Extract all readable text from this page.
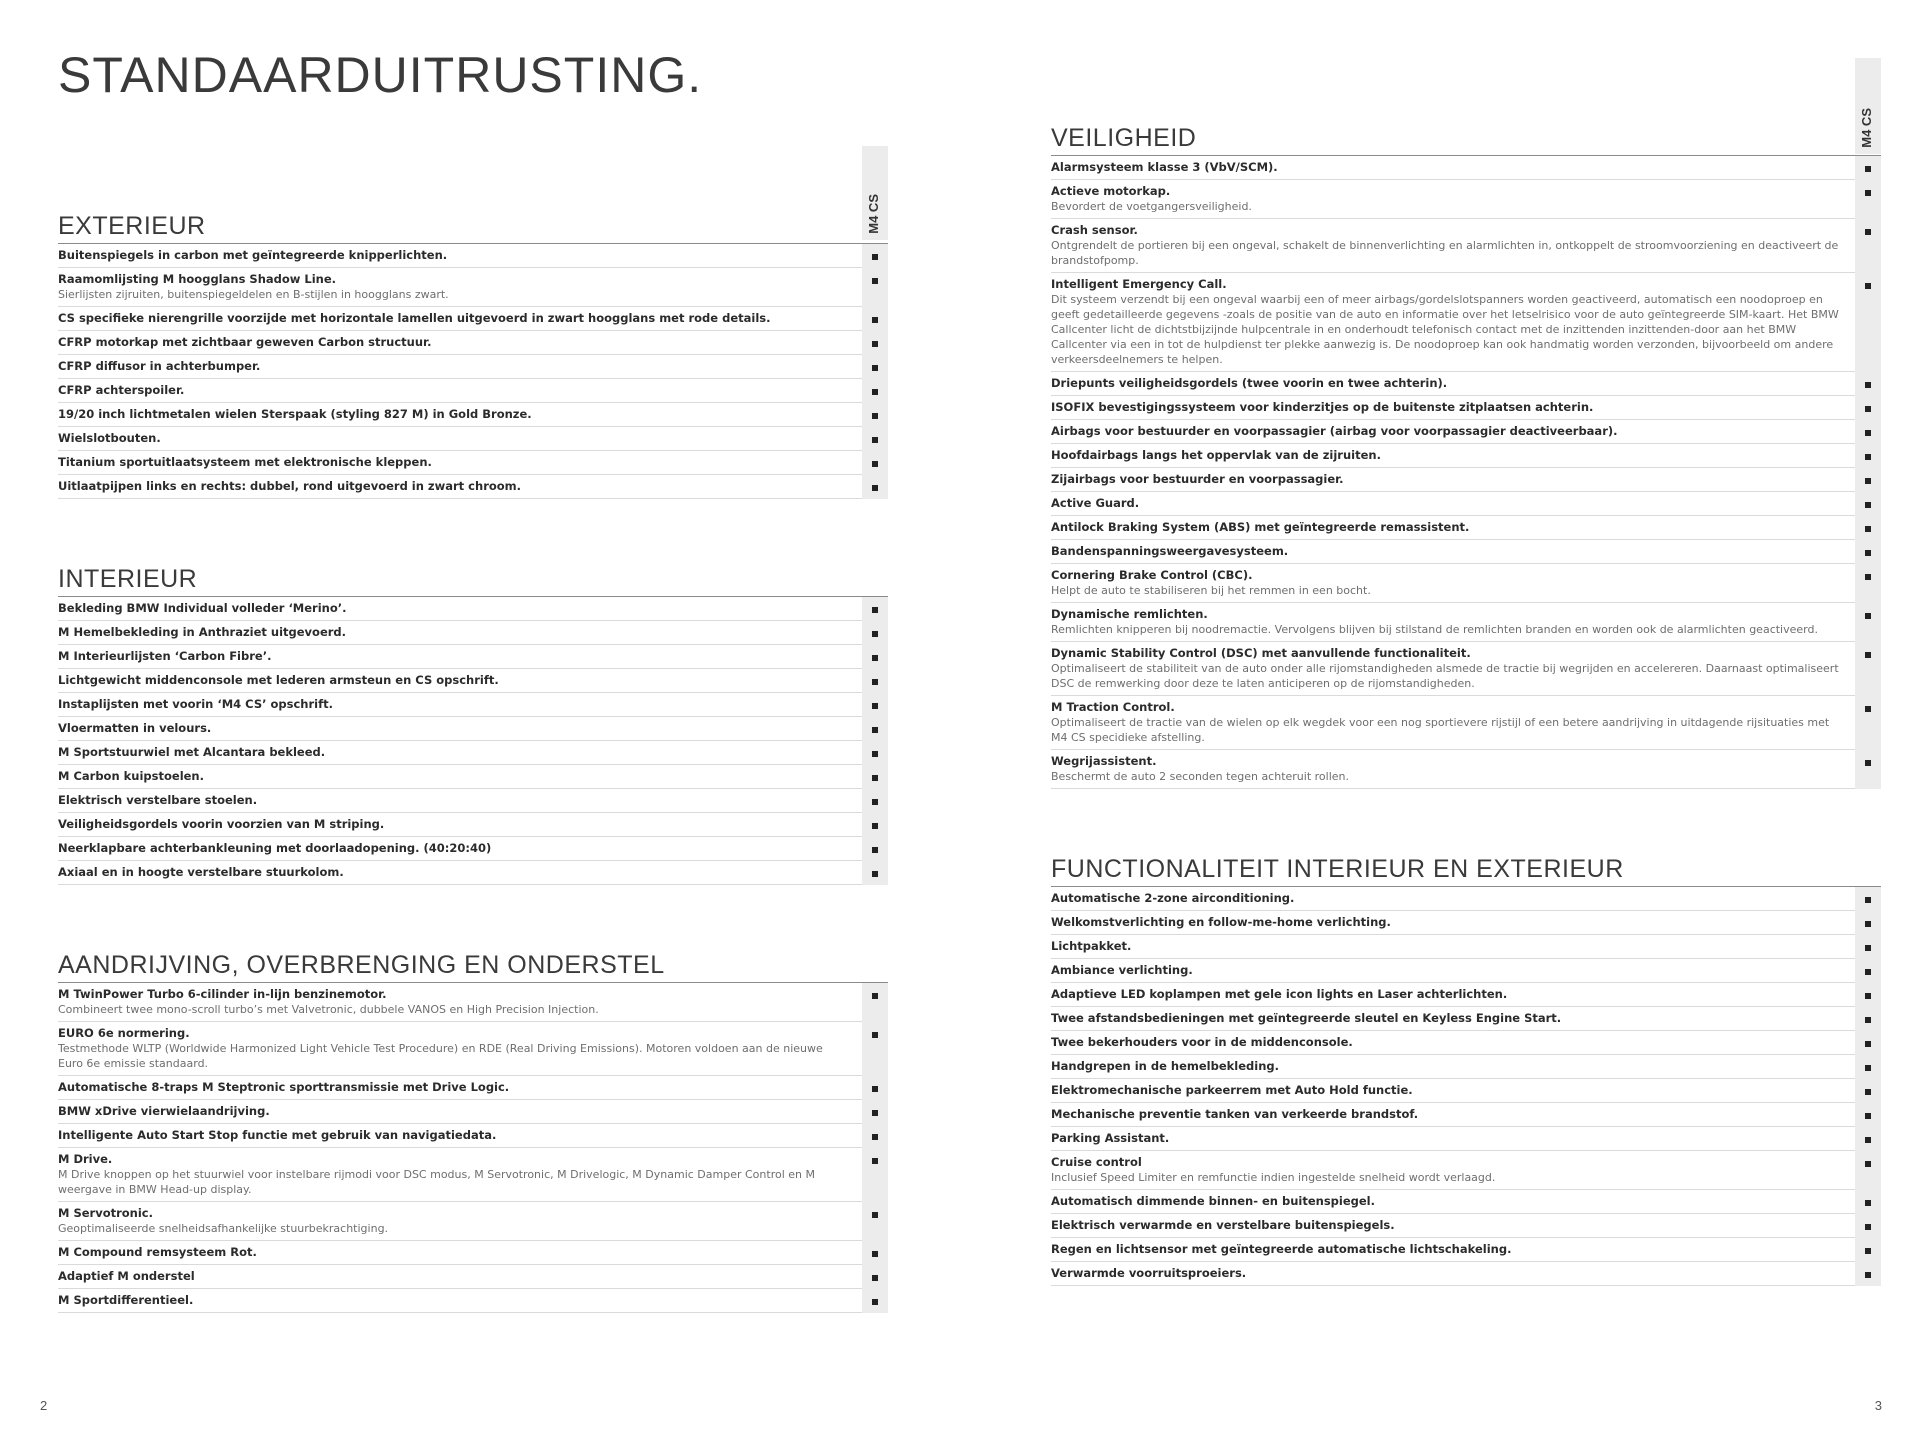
STANDAARDUITRUSTING.
M4 CS
EXTERIEUR
Buitenspiegels in carbon met geïntegreerde knipperlichten.
Raamomlijsting M hoogglans Shadow Line.
Sierlijsten zijruiten, buitenspiegeldelen en B-stijlen in hoogglans zwart.
CS specifieke nierengrille voorzijde met horizontale lamellen uitgevoerd in zwart hoogglans met rode details.
CFRP motorkap met zichtbaar geweven Carbon structuur.
CFRP diffusor in achterbumper.
CFRP achterspoiler.
19/20 inch lichtmetalen wielen Sterspaak (styling 827 M) in Gold Bronze.
Wielslotbouten.
Titanium sportuitlaatsysteem met elektronische kleppen.
Uitlaatpijpen links en rechts: dubbel, rond uitgevoerd in zwart chroom.
INTERIEUR
Bekleding BMW Individual volleder ‘Merino’.
M Hemelbekleding in Anthraziet uitgevoerd.
M Interieurlijsten ‘Carbon Fibre’.
Lichtgewicht middenconsole met lederen armsteun en CS opschrift.
Instaplijsten met voorin ‘M4 CS’ opschrift.
Vloermatten in velours.
M Sportstuurwiel met Alcantara bekleed.
M Carbon kuipstoelen.
Elektrisch verstelbare stoelen.
Veiligheidsgordels voorin voorzien van M striping.
Neerklapbare achterbankleuning met doorlaadopening. (40:20:40)
Axiaal en in hoogte verstelbare stuurkolom.
AANDRIJVING, OVERBRENGING EN ONDERSTEL
M TwinPower Turbo 6-cilinder in-lijn benzinemotor.
Combineert twee mono-scroll turbo’s met Valvetronic, dubbele VANOS en High Precision Injection.
EURO 6e normering.
Testmethode WLTP (Worldwide Harmonized Light Vehicle Test Procedure) en RDE (Real Driving Emissions). Motoren voldoen aan de nieuwe Euro 6e emissie standaard.
Automatische 8-traps M Steptronic sporttransmissie met Drive Logic.
BMW xDrive vierwielaandrijving.
Intelligente Auto Start Stop functie met gebruik van navigatiedata.
M Drive.
M Drive knoppen op het stuurwiel voor instelbare rijmodi voor DSC modus, M Servotronic, M Drivelogic, M Dynamic Damper Control en M weergave in BMW Head-up display.
M Servotronic.
Geoptimaliseerde snelheidsafhankelijke stuurbekrachtiging.
M Compound remsysteem Rot.
Adaptief M onderstel
M Sportdifferentieel.
M4 CS
VEILIGHEID
Alarmsysteem klasse 3 (VbV/SCM).
Actieve motorkap.
Bevordert de voetgangersveiligheid.
Crash sensor.
Ontgrendelt de portieren bij een ongeval, schakelt de binnenverlichting en alarmlichten in, ontkoppelt de stroomvoorziening en deactiveert de brandstofpomp.
Intelligent Emergency Call.
Dit systeem verzendt bij een ongeval waarbij een of meer airbags/gordelslotspanners worden geactiveerd, automatisch een noodoproep en geeft gedetailleerde gegevens -zoals de positie van de auto en informatie over het letselrisico voor de auto geïntegreerde SIM-kaart. Het BMW Callcenter licht de dichtstbijzijnde hulpcentrale in en onderhoudt telefonisch contact met de inzittenden inzittenden-door aan het BMW Callcenter via een in tot de hulpdienst ter plekke aanwezig is. De noodoproep kan ook handmatig worden verzonden, bijvoorbeeld om andere verkeersdeelnemers te helpen.
Driepunts veiligheidsgordels (twee voorin en twee achterin).
ISOFIX bevestigingssysteem voor kinderzitjes op de buitenste zitplaatsen achterin.
Airbags voor bestuurder en voorpassagier (airbag voor voorpassagier deactiveerbaar).
Hoofdairbags langs het oppervlak van de zijruiten.
Zijairbags voor bestuurder en voorpassagier.
Active Guard.
Antilock Braking System (ABS) met geïntegreerde remassistent.
Bandenspanningsweergavesysteem.
Cornering Brake Control (CBC).
Helpt de auto te stabiliseren bij het remmen in een bocht.
Dynamische remlichten.
Remlichten knipperen bij noodremactie. Vervolgens blijven bij stilstand de remlichten branden en worden ook de alarmlichten geactiveerd.
Dynamic Stability Control (DSC) met aanvullende functionaliteit.
Optimaliseert de stabiliteit van de auto onder alle rijomstandigheden alsmede de tractie bij wegrijden en accelereren. Daarnaast optimaliseert DSC de remwerking door deze te laten anticiperen op de rijomstandigheden.
M Traction Control.
Optimaliseert de tractie van de wielen op elk wegdek voor een nog sportievere rijstijl of een betere aandrijving in uitdagende rijsituaties met M4 CS specidieke afstelling.
Wegrijassistent.
Beschermt de auto 2 seconden tegen achteruit rollen.
FUNCTIONALITEIT INTERIEUR EN EXTERIEUR
Automatische 2-zone airconditioning.
Welkomstverlichting en follow-me-home verlichting.
Lichtpakket.
Ambiance verlichting.
Adaptieve LED koplampen met gele icon lights en Laser achterlichten.
Twee afstandsbedieningen met geïntegreerde sleutel en Keyless Engine Start.
Twee bekerhouders voor in de middenconsole.
Handgrepen in de hemelbekleding.
Elektromechanische parkeerrem met Auto Hold functie.
Mechanische preventie tanken van verkeerde brandstof.
Parking Assistant.
Cruise control
Inclusief Speed Limiter en remfunctie indien ingestelde snelheid wordt verlaagd.
Automatisch dimmende binnen- en buitenspiegel.
Elektrisch verwarmde en verstelbare buitenspiegels.
Regen en lichtsensor met geïntegreerde automatische lichtschakeling.
Verwarmde voorruitsproeiers.
2	3
